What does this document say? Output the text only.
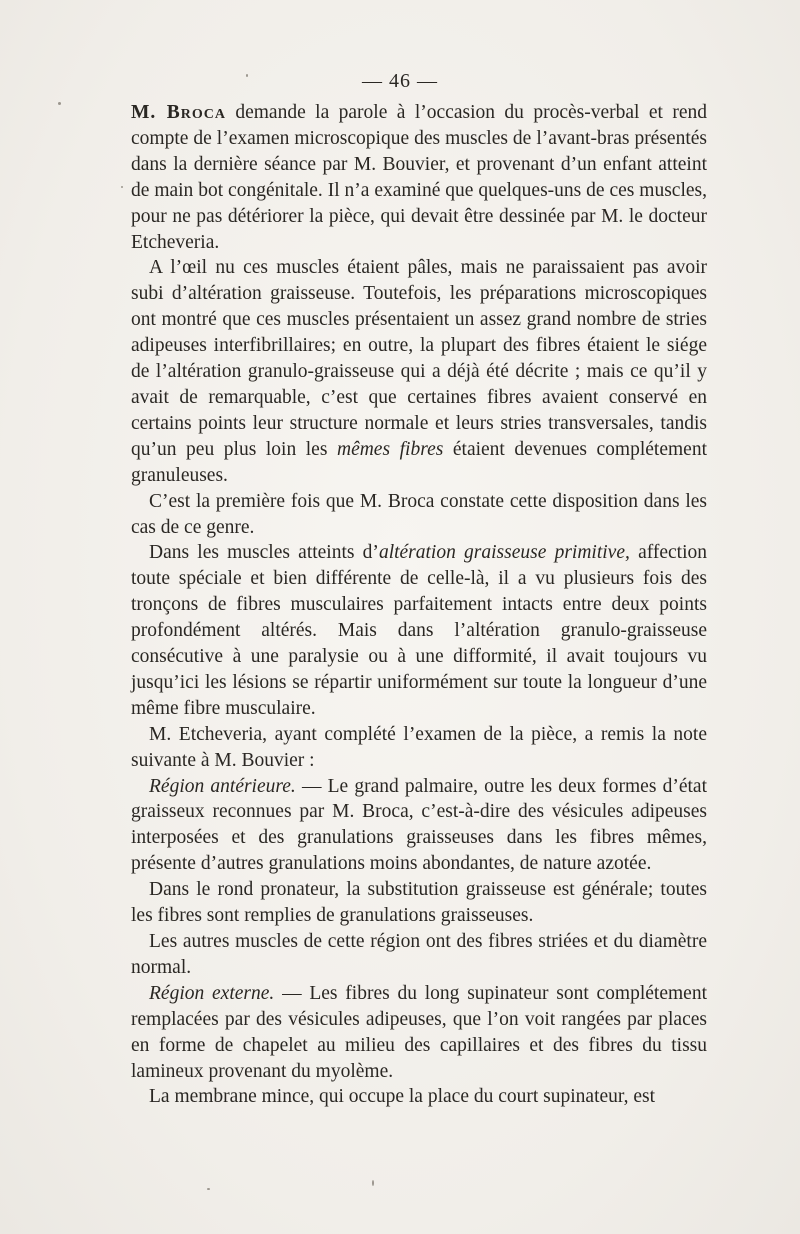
— 46 —

M. Broca demande la parole à l’occasion du procès-verbal et rend compte de l’examen microscopique des muscles de l’avant-bras présentés dans la dernière séance par M. Bouvier, et provenant d’un enfant atteint de main bot congénitale. Il n’a examiné que quelques-uns de ces muscles, pour ne pas détériorer la pièce, qui devait être dessinée par M. le docteur Etcheveria.

A l’œil nu ces muscles étaient pâles, mais ne paraissaient pas avoir subi d’altération graisseuse. Toutefois, les préparations microscopiques ont montré que ces muscles présentaient un assez grand nombre de stries adipeuses interfibrillaires; en outre, la plupart des fibres étaient le siége de l’altération granulo-graisseuse qui a déjà été décrite ; mais ce qu’il y avait de remarquable, c’est que certaines fibres avaient conservé en certains points leur structure normale et leurs stries transversales, tandis qu’un peu plus loin les mêmes fibres étaient devenues complétement granuleuses.

C’est la première fois que M. Broca constate cette disposition dans les cas de ce genre.

Dans les muscles atteints d’altération graisseuse primitive, affection toute spéciale et bien différente de celle-là, il a vu plusieurs fois des tronçons de fibres musculaires parfaitement intacts entre deux points profondément altérés. Mais dans l’altération granulo-graisseuse consécutive à une paralysie ou à une difformité, il avait toujours vu jusqu’ici les lésions se répartir uniformément sur toute la longueur d’une même fibre musculaire.

M. Etcheveria, ayant complété l’examen de la pièce, a remis la note suivante à M. Bouvier :

Région antérieure. — Le grand palmaire, outre les deux formes d’état graisseux reconnues par M. Broca, c’est-à-dire des vésicules adipeuses interposées et des granulations graisseuses dans les fibres mêmes, présente d’autres granulations moins abondantes, de nature azotée.

Dans le rond pronateur, la substitution graisseuse est générale; toutes les fibres sont remplies de granulations graisseuses.

Les autres muscles de cette région ont des fibres striées et du diamètre normal.

Région externe. — Les fibres du long supinateur sont complétement remplacées par des vésicules adipeuses, que l’on voit rangées par places en forme de chapelet au milieu des capillaires et des fibres du tissu lamineux provenant du myolème.

La membrane mince, qui occupe la place du court supinateur, est
